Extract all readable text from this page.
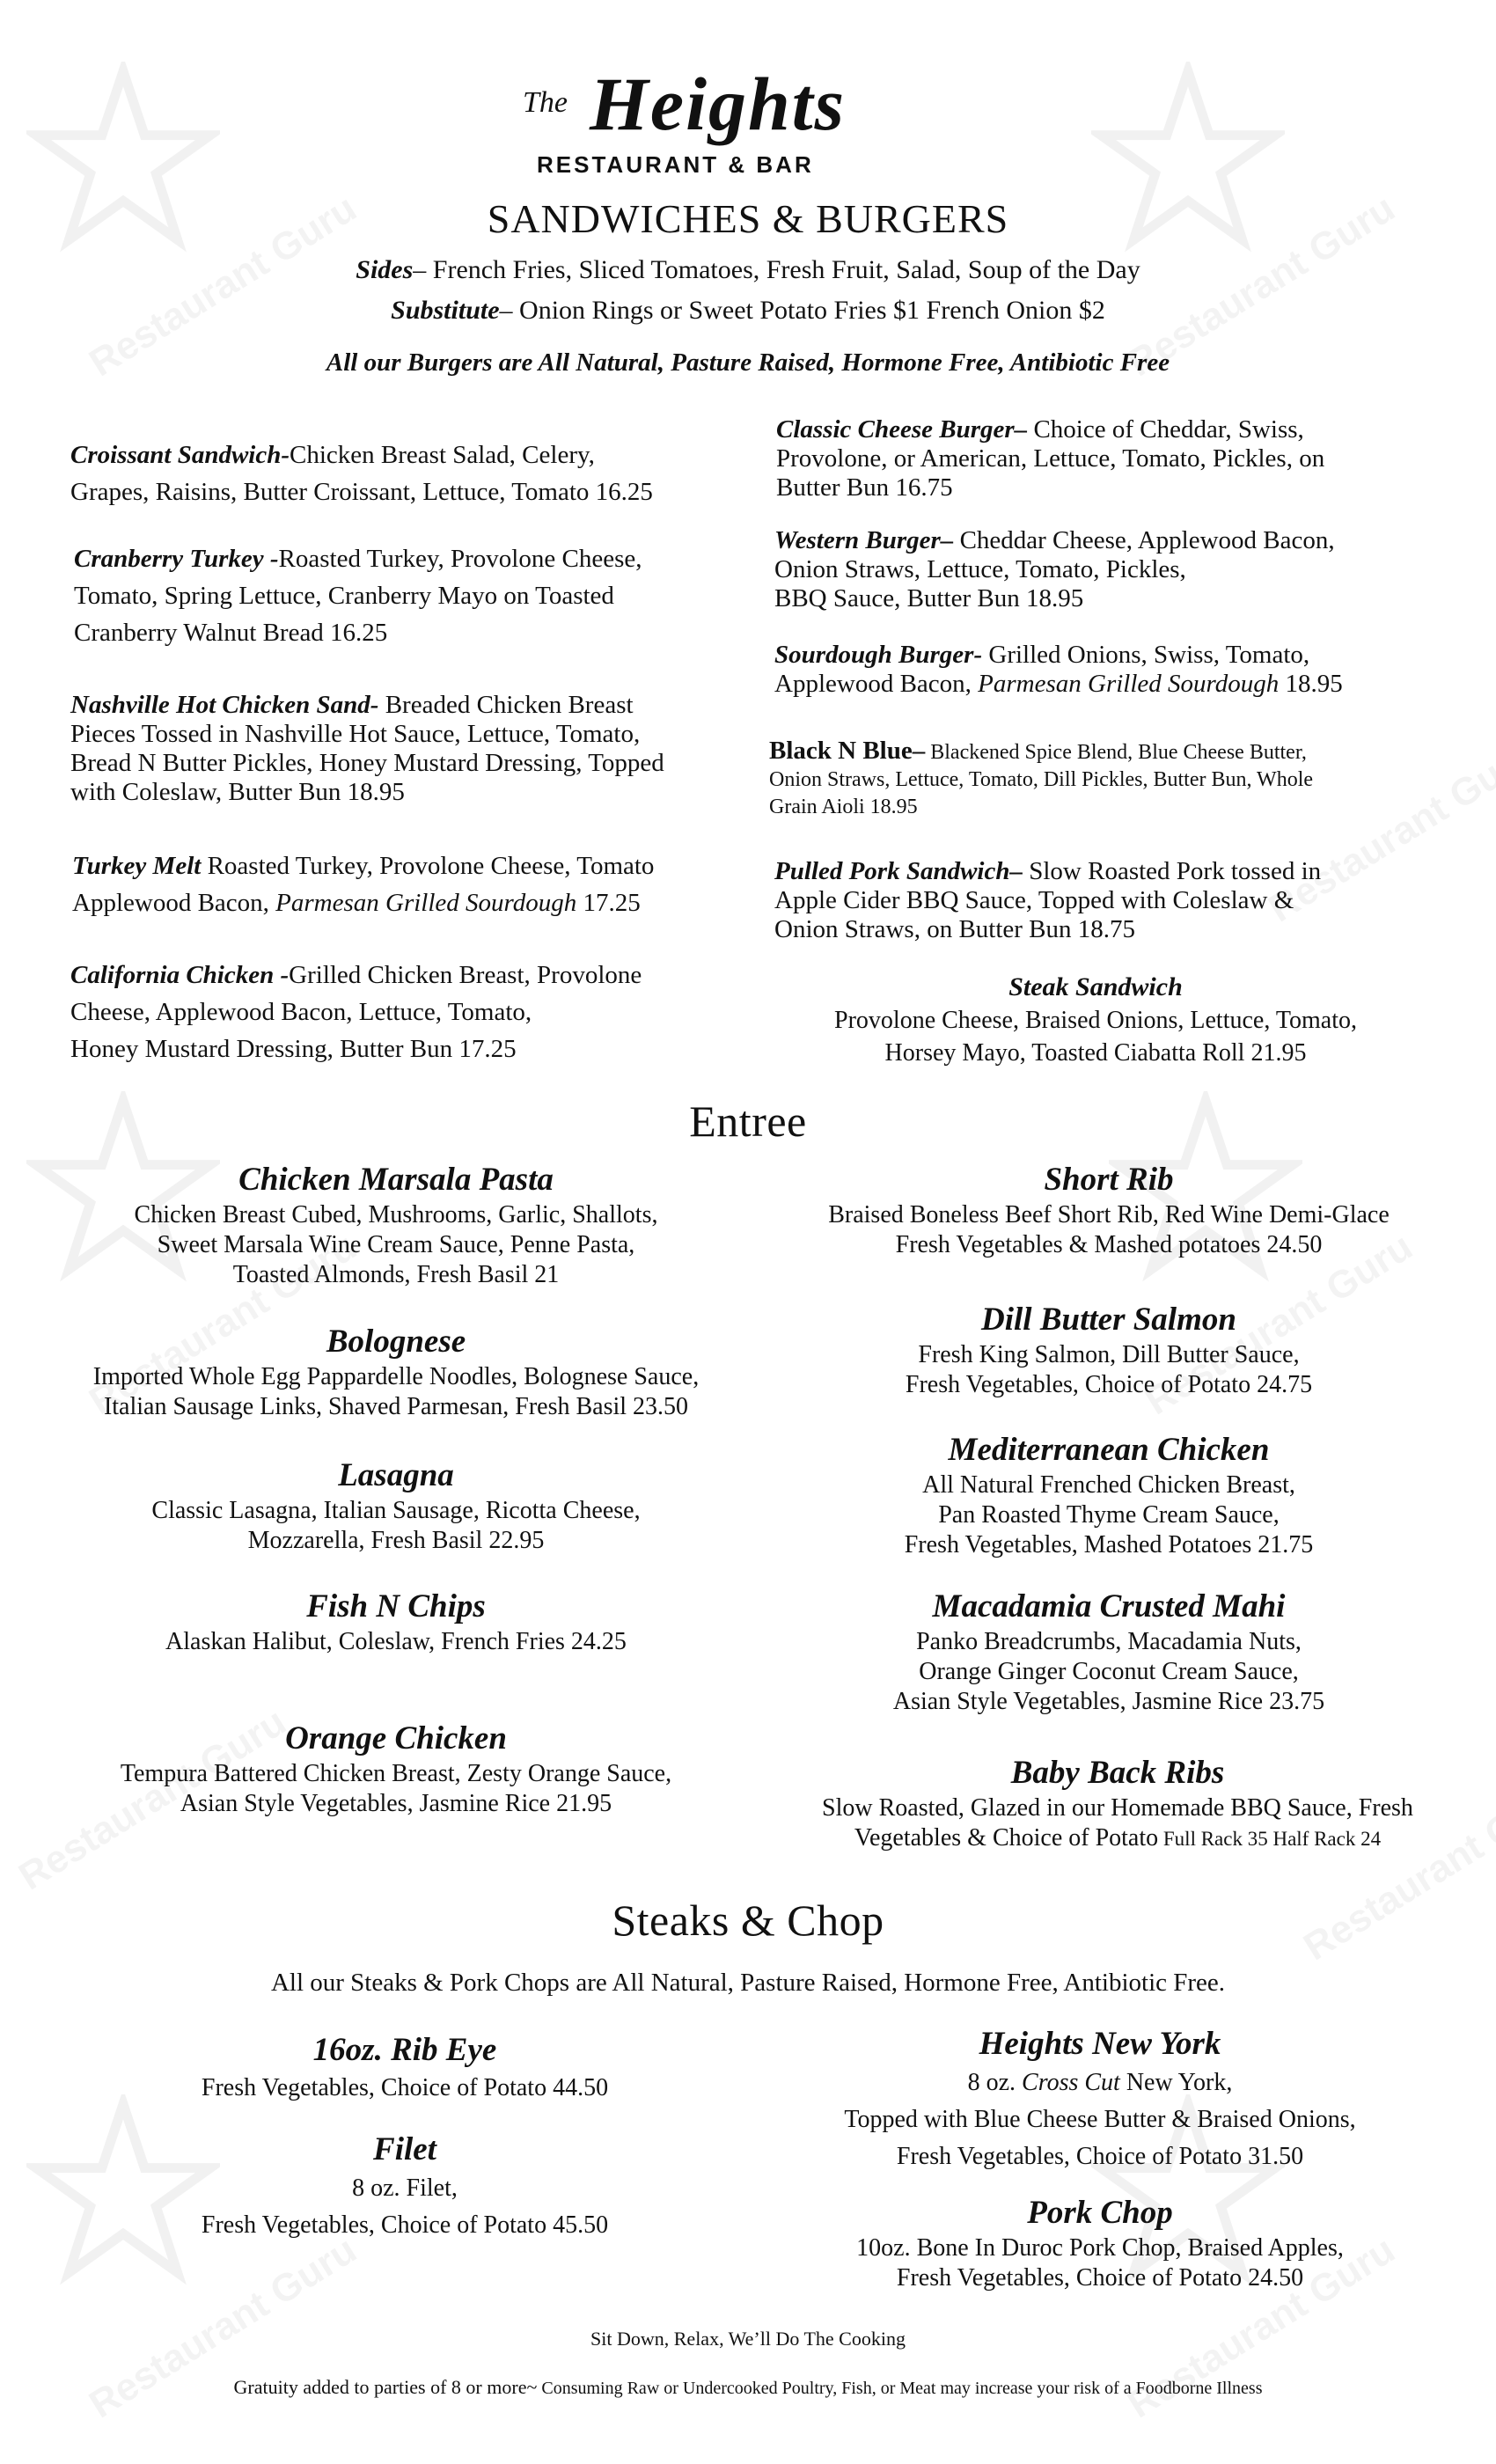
The Heights
RESTAURANT & BAR
SANDWICHES & BURGERS
Sides– French Fries, Sliced Tomatoes, Fresh Fruit, Salad, Soup of the Day
Substitute– Onion Rings or Sweet Potato Fries $1 French Onion $2
All our Burgers are All Natural, Pasture Raised, Hormone Free, Antibiotic Free
Croissant Sandwich-Chicken Breast Salad, Celery,
Grapes, Raisins, Butter Croissant, Lettuce, Tomato 16.25
Cranberry Turkey -Roasted Turkey, Provolone Cheese,
Tomato, Spring Lettuce, Cranberry Mayo on Toasted
Cranberry Walnut Bread 16.25
Nashville Hot Chicken Sand- Breaded Chicken Breast
Pieces Tossed in Nashville Hot Sauce, Lettuce, Tomato,
Bread N Butter Pickles, Honey Mustard Dressing, Topped
with Coleslaw, Butter Bun 18.95
Turkey Melt Roasted Turkey, Provolone Cheese, Tomato
Applewood Bacon, Parmesan Grilled Sourdough 17.25
California Chicken -Grilled Chicken Breast, Provolone
Cheese, Applewood Bacon, Lettuce, Tomato,
Honey Mustard Dressing, Butter Bun 17.25
Classic Cheese Burger– Choice of Cheddar, Swiss,
Provolone, or American, Lettuce, Tomato, Pickles, on
Butter Bun 16.75
Western Burger– Cheddar Cheese, Applewood Bacon,
Onion Straws, Lettuce, Tomato, Pickles,
BBQ Sauce, Butter Bun 18.95
Sourdough Burger- Grilled Onions, Swiss, Tomato,
Applewood Bacon, Parmesan Grilled Sourdough 18.95
Black N Blue– Blackened Spice Blend, Blue Cheese Butter,
Onion Straws, Lettuce, Tomato, Dill Pickles, Butter Bun, Whole
Grain Aioli 18.95
Pulled Pork Sandwich– Slow Roasted Pork tossed in
Apple Cider BBQ Sauce, Topped with Coleslaw &
Onion Straws, on Butter Bun 18.75
Steak Sandwich
Provolone Cheese, Braised Onions, Lettuce, Tomato,
Horsey Mayo, Toasted Ciabatta Roll 21.95
Entree
Chicken Marsala Pasta
Chicken Breast Cubed, Mushrooms, Garlic, Shallots,
Sweet Marsala Wine Cream Sauce, Penne Pasta,
Toasted Almonds, Fresh Basil 21
Bolognese
Imported Whole Egg Pappardelle Noodles, Bolognese Sauce,
Italian Sausage Links, Shaved Parmesan, Fresh Basil 23.50
Lasagna
Classic Lasagna, Italian Sausage, Ricotta Cheese,
Mozzarella, Fresh Basil 22.95
Fish N Chips
Alaskan Halibut, Coleslaw, French Fries 24.25
Orange Chicken
Tempura Battered Chicken Breast, Zesty Orange Sauce,
Asian Style Vegetables, Jasmine Rice 21.95
Short Rib
Braised Boneless Beef Short Rib, Red Wine Demi-Glace
Fresh Vegetables & Mashed potatoes 24.50
Dill Butter Salmon
Fresh King Salmon, Dill Butter Sauce,
Fresh Vegetables, Choice of Potato 24.75
Mediterranean Chicken
All Natural Frenched Chicken Breast,
Pan Roasted Thyme Cream Sauce,
Fresh Vegetables, Mashed Potatoes 21.75
Macadamia Crusted Mahi
Panko Breadcrumbs, Macadamia Nuts,
Orange Ginger Coconut Cream Sauce,
Asian Style Vegetables, Jasmine Rice 23.75
Baby Back Ribs
Slow Roasted, Glazed in our Homemade BBQ Sauce, Fresh
Vegetables & Choice of Potato Full Rack 35 Half Rack 24
Steaks & Chop
All our Steaks & Pork Chops are All Natural, Pasture Raised, Hormone Free, Antibiotic Free.
16oz. Rib Eye
Fresh Vegetables, Choice of Potato 44.50
Filet
8 oz. Filet,
Fresh Vegetables, Choice of Potato 45.50
Heights New York
8 oz. Cross Cut New York,
Topped with Blue Cheese Butter & Braised Onions,
Fresh Vegetables, Choice of Potato 31.50
Pork Chop
10oz. Bone In Duroc Pork Chop, Braised Apples,
Fresh Vegetables, Choice of Potato 24.50
Sit Down, Relax, We’ll Do The Cooking
Gratuity added to parties of 8 or more~ Consuming Raw or Undercooked Poultry, Fish, or Meat may increase your risk of a Foodborne Illness
